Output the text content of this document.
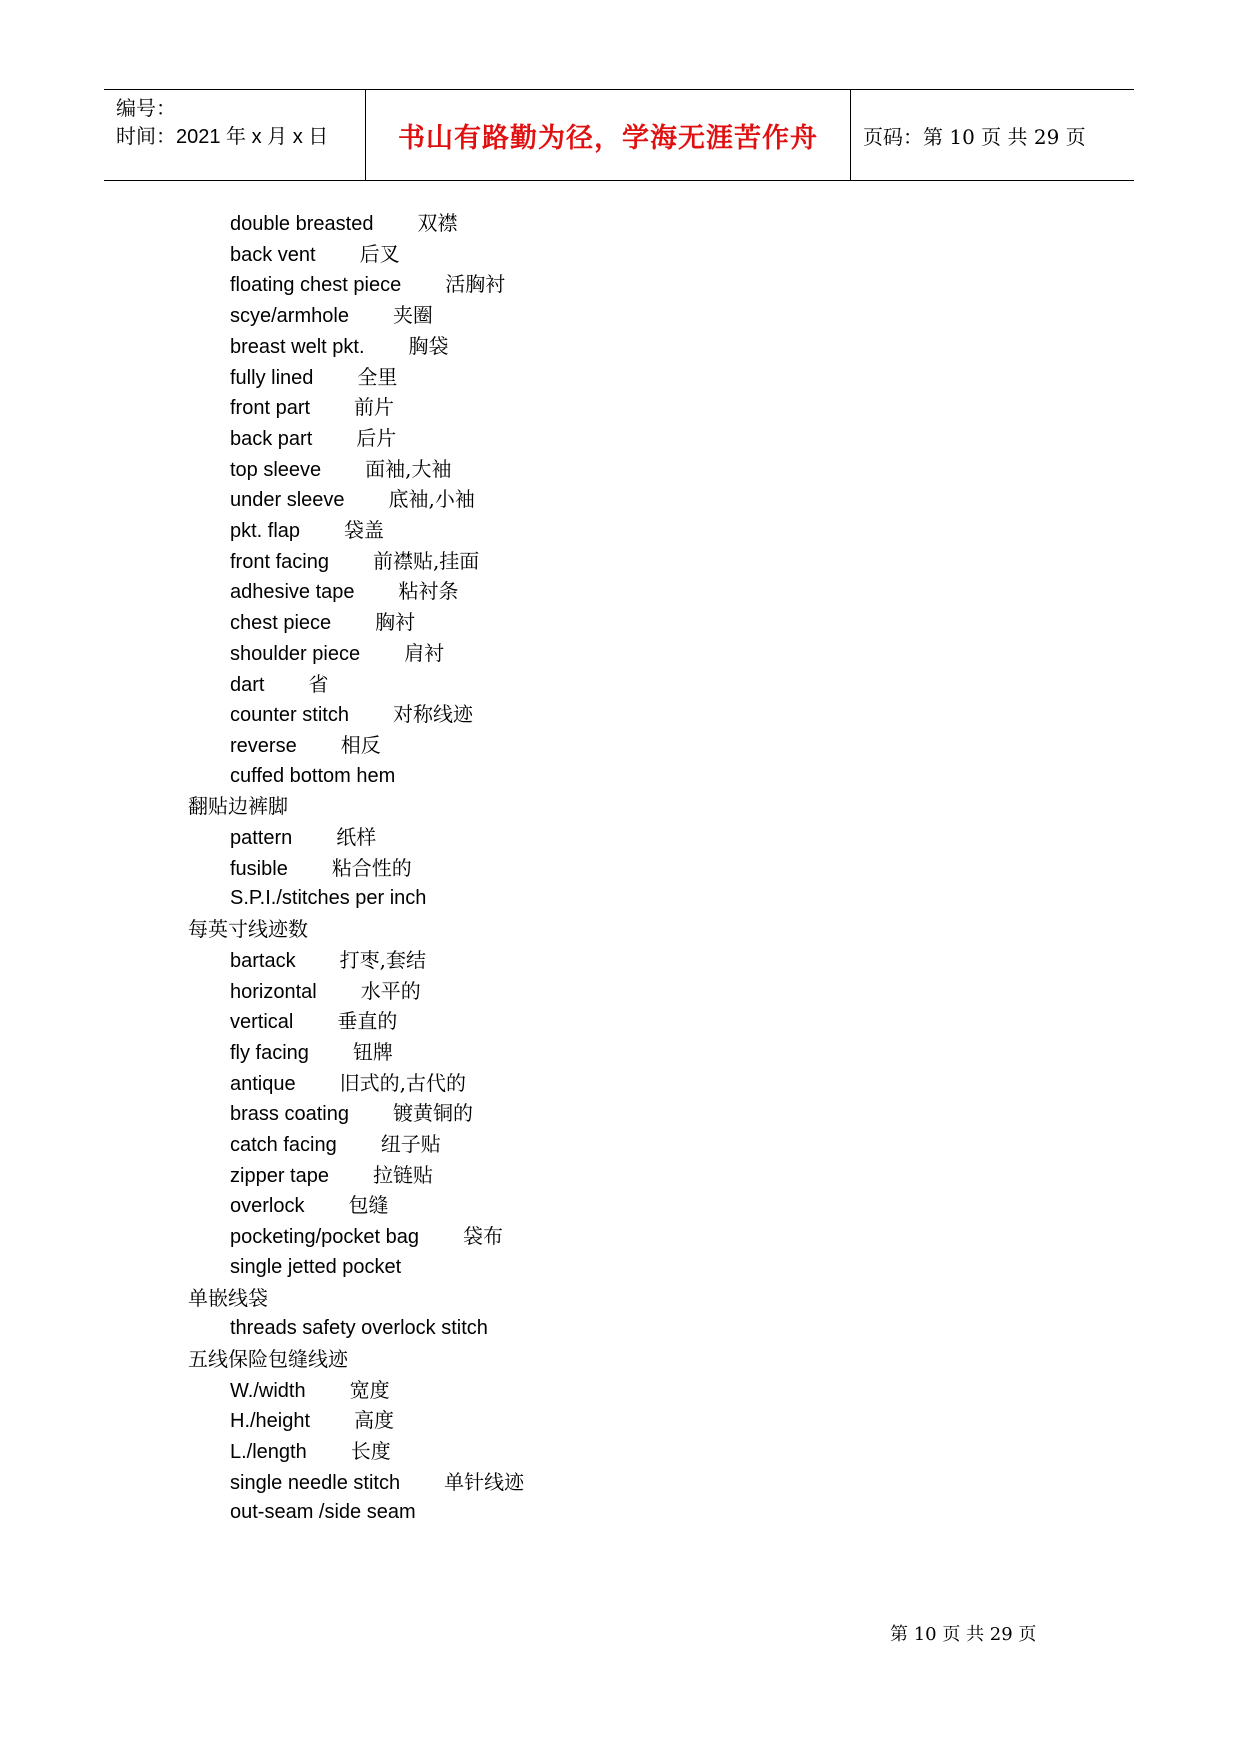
编号：
时间：2021 年 x 月 x 日	书山有路勤为径，学海无涯苦作舟 页码：第 10 页 共 29 页
double breasted 双襟
back vent 后叉
floating chest piece 活胸衬
scye/armhole 夹圈
breast welt pkt. 胸袋
fully lined 全里
front part 前片
back part 后片
top sleeve 面袖,大袖
under sleeve 底袖,小袖
pkt. flap 袋盖
front facing 前襟贴,挂面
adhesive tape 粘衬条
chest piece 胸衬
shoulder piece 肩衬
dart 省
counter stitch 对称线迹
reverse 相反
cuffed bottom hem
翻贴边裤脚
pattern 纸样
fusible 粘合性的
S.P.I./stitches per inch
每英寸线迹数
bartack 打枣,套结
horizontal 水平的
vertical 垂直的
fly facing 钮牌
antique 旧式的,古代的
brass coating 镀黄铜的
catch facing 纽子贴
zipper tape 拉链贴
overlock 包缝
pocketing/pocket bag 袋布
single jetted pocket
单嵌线袋
threads safety overlock stitch
五线保险包缝线迹
W./width 宽度
H./height 高度
L./length 长度
single needle stitch 单针线迹
out-seam /side seam
第 10 页 共 29 页
